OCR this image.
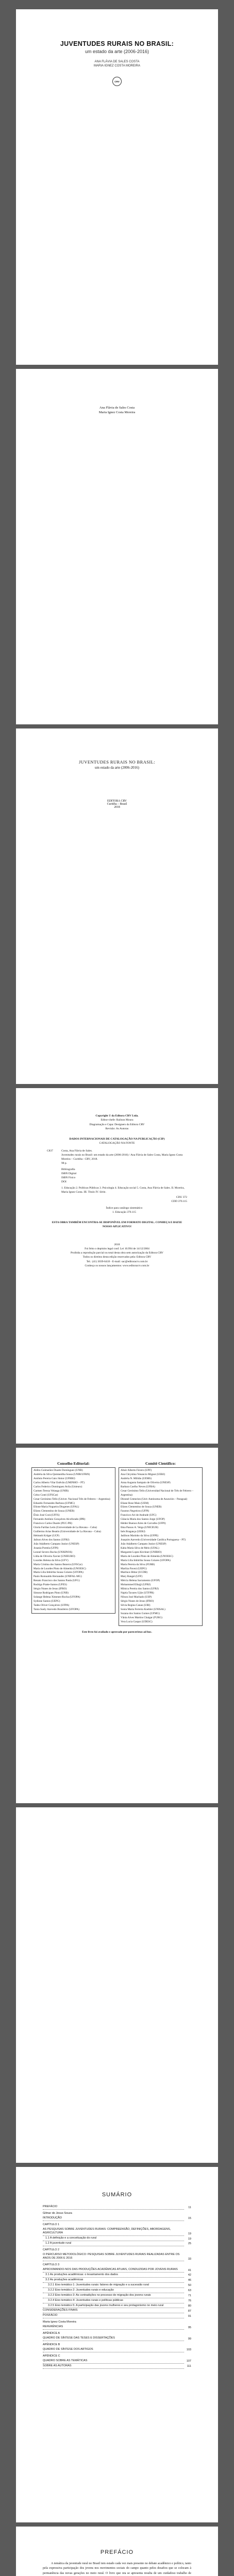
JUVENTUDES RURAIS NO BRASIL:
um estado da arte (2006-2016)
ANA FLÁVIA DE SALES COSTA
MARIA IGNEZ COSTA MOREIRA
CRV
Ana Flávia de Sales Costa
Maria Ignez Costa Moreira
JUVENTUDES RURAIS NO BRASIL:
um estado da arte (2006-2016)
EDITORA CRV
Curitiba – Brasil
2018
Copyright © da Editora CRV Ltda.
Editor-chefe: Railson Moura
Diagramação e Capa: Designers da Editora CRV
Revisão: As Autoras
DADOS INTERNACIONAIS DE CATALOGAÇÃO NA PUBLICAÇÃO (CIP)
CATALOGAÇÃO NA FONTE
C837	Costa, Ana Flávia de Sales.
Juventudes rurais no Brasil: um estado da arte (2006-2016) / Ana Flávia de Sales Costa, Maria Ignez Costa Moreira – Curitiba : CRV, 2018.
98 p.
Bibliografia
ISBN Digital
ISBN Físico
DOI
1. Educação 2. Políticas Públicas 3. Psicologia 4. Educação social 5. Costa, Ana Flávia de Sales. II. Moreira, Maria Ignez Costa. III. Título IV. Série.
CDU 372
CDD 370.115
Índice para catálogo sistemático
1. Educação 370.115
ESTA OBRA TAMBÉM ENCONTRA-SE DISPONÍVEL EM FORMATO DIGITAL. CONHEÇA E BAIXE NOSSO APLICATIVO!
2018
Foi feito o depósito legal conf. Lei 10.994 de 14/12/2004
Proibida a reprodução parcial ou total desta obra sem autorização da Editora CRV
Todos os direitos desta edição reservados pela: Editora CRV
Tel.: (41) 3039-6418 - E-mail: sac@editoracrv.com.br
Conheça os nossos lançamentos: www.editoracrv.com.br
Conselho Editorial:
Aldira Guimarães Duarte Domínguez (UNB)
Andréia da Silva Quintanilha Sousa (UNIR/UFRN)
Antônio Pereira Gaio Júnior (UFRRJ)
Carlos Alberto Vilar Estêvão (UMINHO – PT)
Carlos Federico Dominguez Avila (Unieuro)
Carmen Tereza Velanga (UNIR)
Celso Conti (UFSCar)
Cesar Gerónimo Tello (Univer. Nacional Três de Febrero – Argentina)
Eduardo Fernandes Barbosa (UFMG)
Elione Maria Nogueira Diogenes (UFAL)
Elizeu Clementino de Souza (UNEB)
Élsio José Corá (UFFS)
Fernando Antônio Gonçalves Alcoforado (IPB)
Francisco Carlos Duarte (PUC-PR)
Gloria Fariñas León (Universidade de La Havana – Cuba)
Guillermo Arias Beatón (Universidade de La Havana – Cuba)
Helmuth Krüger (UCP)
Jailson Alves dos Santos (UFRJ)
João Adalberto Campato Junior (UNESP)
Josania Portela (UFPI)
Leonel Severo Rocha (UNISINOS)
Lídia de Oliveira Xavier (UNIEURO)
Lourdes Helena da Silva (UFV)
Maria Cristina dos Santos Bezerra (UFSCar)
Maria de Lourdes Pinto de Almeida (UNOESC)
Maria Lília Imbiriba Sousa Colares (UFOPA)
Paulo Romualdo Hernandes (UNIFAL-MG)
Renato Francisco dos Santos Paula (UFG)
Rodrigo Pratte-Santos (UFES)
Sérgio Nunes de Jesus (IFRO)
Simone Rodrigues Pinto (UNB)
Solange Helena Ximenes-Rocha (UFOPA)
Sydione Santos (UEPG)
Tadeu Oliver Gonçalves (UFPA)
Tania Suely Azevedo Brasileiro (UFOPA)
Comitê Científico:
Altair Alberto Fávero (UPF)
Ana Chrystina Venancio Mignot (UERJ)
Andréia N. Militão (UEMS)
Anna Augusta Sampaio de Oliveira (UNESP)
Barbara Coelho Neves (UFBA)
Cesar Gerónimo Tello (Universidad Nacional de Três de Febrero – Argentina)
Diosnel Centurion (Univ Autónoma de Asunción – Paraguai)
Eliane Rose Maio (UEM)
Elizeu Clementino de Souza (UNEB)
Fauston Negreiros (UFPI)
Francisco Ari de Andrade (UFC)
Gláucia Maria dos Santos Jorge (UFOP)
Helder Buenos Aires de Carvalho (UFPI)
Ilma Passos A. Veiga (UNICEUB)
Inês Bragança (UERJ)
Jadilson Marinho da Silva (UFPE)
Joaquim Azevedo (Universidade Católica Portuguesa – PT)
João Adalberto Campato Junior (UNESP)
Kátia Maria Silva de Melo (UFAL)
Margarete Lopes Kirchner (UNIRIO)
Maria de Lourdes Pinto de Almeida (UNOESC)
Maria Lília Imbiriba Sousa Colares (UFOPA)
Maria Pereira da Silva (FURB)
Marilza Pavezi (UEPG)
Mariluce Bittar (UCDB)
Mary Rangel (UFF)
Mércia Helena Sacramento (UFOP)
Mohammed Elhajji (UFRJ)
Mônica Pereira dos Santos (UFRJ)
Najela Tavares Ujiie (UTFPR)
Nilson José Machado (USP)
Sérgio Nunes de Jesus (IFRO)
Silvia Regina Canan (URI)
Sonia Maria Ferreira Koehler (UNISAL)
Suzana dos Santos Gomes (UFMG)
Vânia Alves Martins Chaigar (FURG)
Vera Lucia Gaspar (UDESC)
Este livro foi avaliado e aprovado por pareceristas ad hoc.
SUMÁRIO
PREFÁCIO	11
Gilmar de Jesus Souza
INTRODUÇÃO	15
CAPÍTULO 1
AS PESQUISAS SOBRE JUVENTUDES RURAIS: COMPREENSÃO, DEFINIÇÕES, ABORDAGENS, AGRICULTURA	19
1.1 A definição e a conceituação do rural	19
1.2 A juventude rural	25
CAPÍTULO 2
O PERCURSO METODOLÓGICO: PESQUISAS SOBRE JUVENTUDES RURAIS REALIZADAS ENTRE OS ANOS DE 2006 E 2016	33
CAPÍTULO 3
APROXIMANDO-NOS DAS PRODUÇÕES ACADÊMICAS ATUAIS, CONDUZIDAS POR JOVENS RURAIS	41
3.1 As produções acadêmicas: o levantamento dos dados	42
3.2 As produções acadêmicas	46
3.2.1 Eixo temático 1: Juventudes rurais: fatores de migração e a sucessão rural	50
3.2.2 Eixo temático 2: Juventudes rurais e educação	63
3.2.3 Eixo temático 3: As contradições no processo de migração dos jovens rurais	71
3.2.4 Eixo temático 4: Juventudes rurais e políticas públicas	76
3.2.5 Eixo temático 5: A participação das jovens mulheres e seu protagonismo no meio rural	80
CONSIDERAÇÕES FINAIS	87
POSFÁCIO	91
Maria Ignez Costa Moreira
REFERÊNCIAS	95
APÊNDICE A
QUADRO DE SÍNTESE DAS TESES E DISSERTAÇÕES	99
APÊNDICE B
QUADRO DE SÍNTESE DOS ARTIGOS	103
APÊNDICE C
QUADRO SOBRE AS TEMÁTICAS	107
SOBRE AS AUTORAS	111
PREFÁCIO

A temática da juventude rural no Brasil tem estado cada vez mais presente no debate acadêmico e político, tanto pela expressiva participação dos jovens nos movimentos sociais do campo quanto pelos desafios que se colocam à permanência das novas gerações no meio rural. O livro que ora se apresenta resulta de um cuidadoso trabalho de
